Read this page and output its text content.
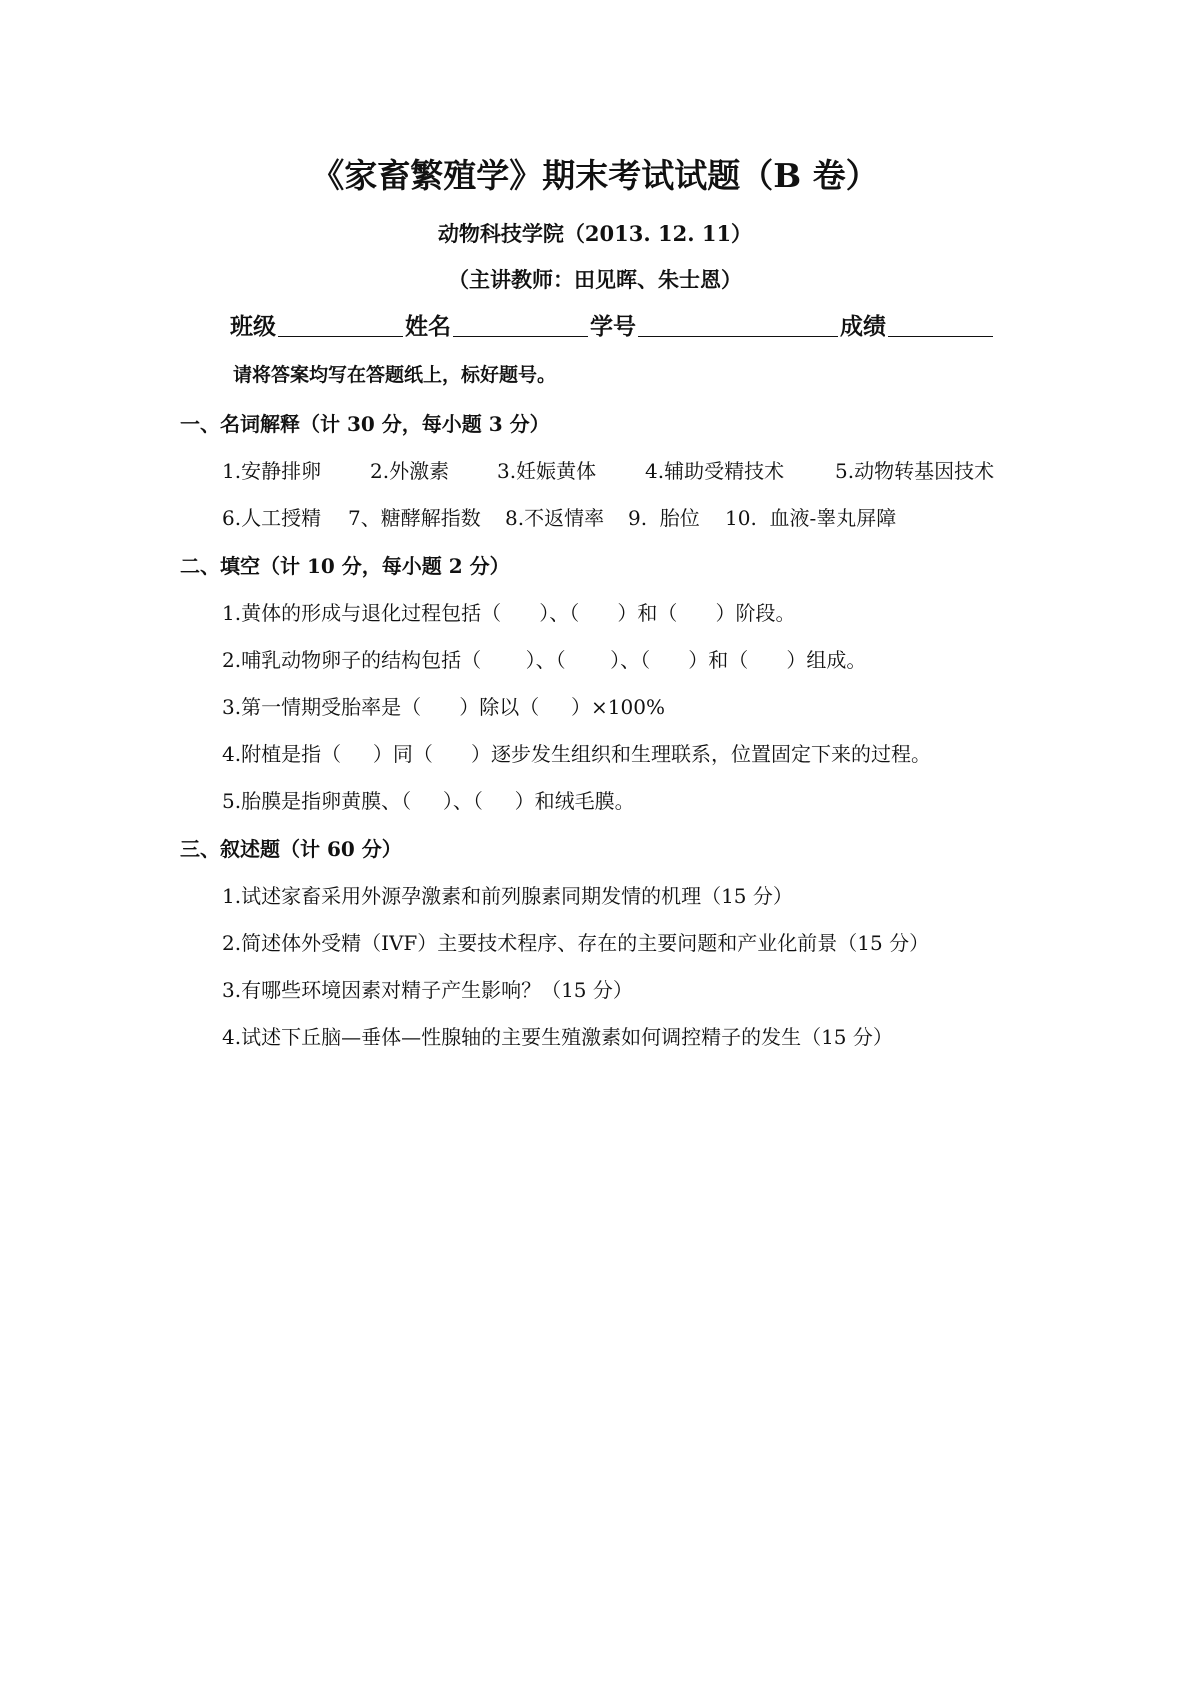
《家畜繁殖学》期末考试试题（B 卷）
动物科技学院（2013. 12. 11）
（主讲教师：田见晖、朱士恩）
班级	姓名	学号	成绩
请将答案均写在答题纸上，标好题号。
一、名词解释（计 30 分，每小题 3 分）
1.安静排卵	2.外激素	3.妊娠黄体	4.辅助受精技术	5.动物转基因技术
6.人工授精	7、糖酵解指数	8.不返情率	9.  胎位	10.  血液-睾丸屏障
二、填空（计 10 分，每小题 2 分）
1.黄体的形成与退化过程包括（      ）、（      ）和（      ）阶段。
2.哺乳动物卵子的结构包括（       ）、（       ）、（      ）和（      ）组成。
3.第一情期受胎率是（      ）除以（     ）×100%
4.附植是指（     ）同（      ）逐步发生组织和生理联系，位置固定下来的过程。
5.胎膜是指卵黄膜、（     ）、（     ）和绒毛膜。
三、叙述题（计 60 分）
1.试述家畜采用外源孕激素和前列腺素同期发情的机理（15 分）
2.简述体外受精（IVF）主要技术程序、存在的主要问题和产业化前景（15 分）
3.有哪些环境因素对精子产生影响？（15 分）
4.试述下丘脑—垂体—性腺轴的主要生殖激素如何调控精子的发生（15 分）
